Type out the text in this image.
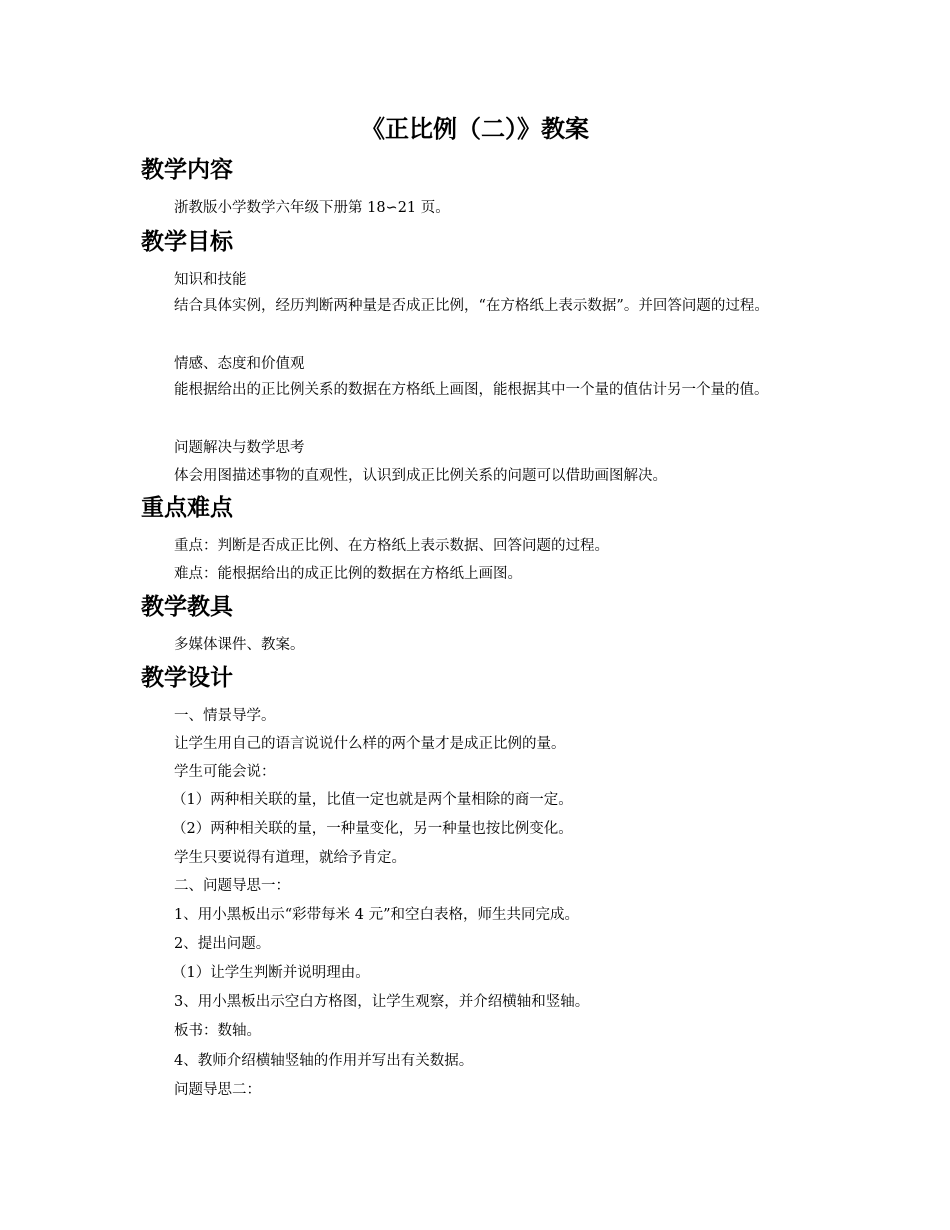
《正比例（二）》教案
教学内容
浙教版小学数学六年级下册第 18∽21 页。
教学目标
知识和技能
结合具体实例，经历判断两种量是否成正比例，“在方格纸上表示数据”。并回答问题的过程。
情感、态度和价值观
能根据给出的正比例关系的数据在方格纸上画图，能根据其中一个量的值估计另一个量的值。
问题解决与数学思考
体会用图描述事物的直观性，认识到成正比例关系的问题可以借助画图解决。
重点难点
重点：判断是否成正比例、在方格纸上表示数据、回答问题的过程。
难点：能根据给出的成正比例的数据在方格纸上画图。
教学教具
多媒体课件、教案。
教学设计
一、情景导学。
让学生用自己的语言说说什么样的两个量才是成正比例的量。
学生可能会说：
（1）两种相关联的量，比值一定也就是两个量相除的商一定。
（2）两种相关联的量，一种量变化，另一种量也按比例变化。
学生只要说得有道理，就给予肯定。
二、问题导思一：
1、用小黑板出示“彩带每米 4 元”和空白表格，师生共同完成。
2、提出问题。
（1）让学生判断并说明理由。
3、用小黑板出示空白方格图，让学生观察，并介绍横轴和竖轴。
板书：数轴。
4、教师介绍横轴竖轴的作用并写出有关数据。
问题导思二：
